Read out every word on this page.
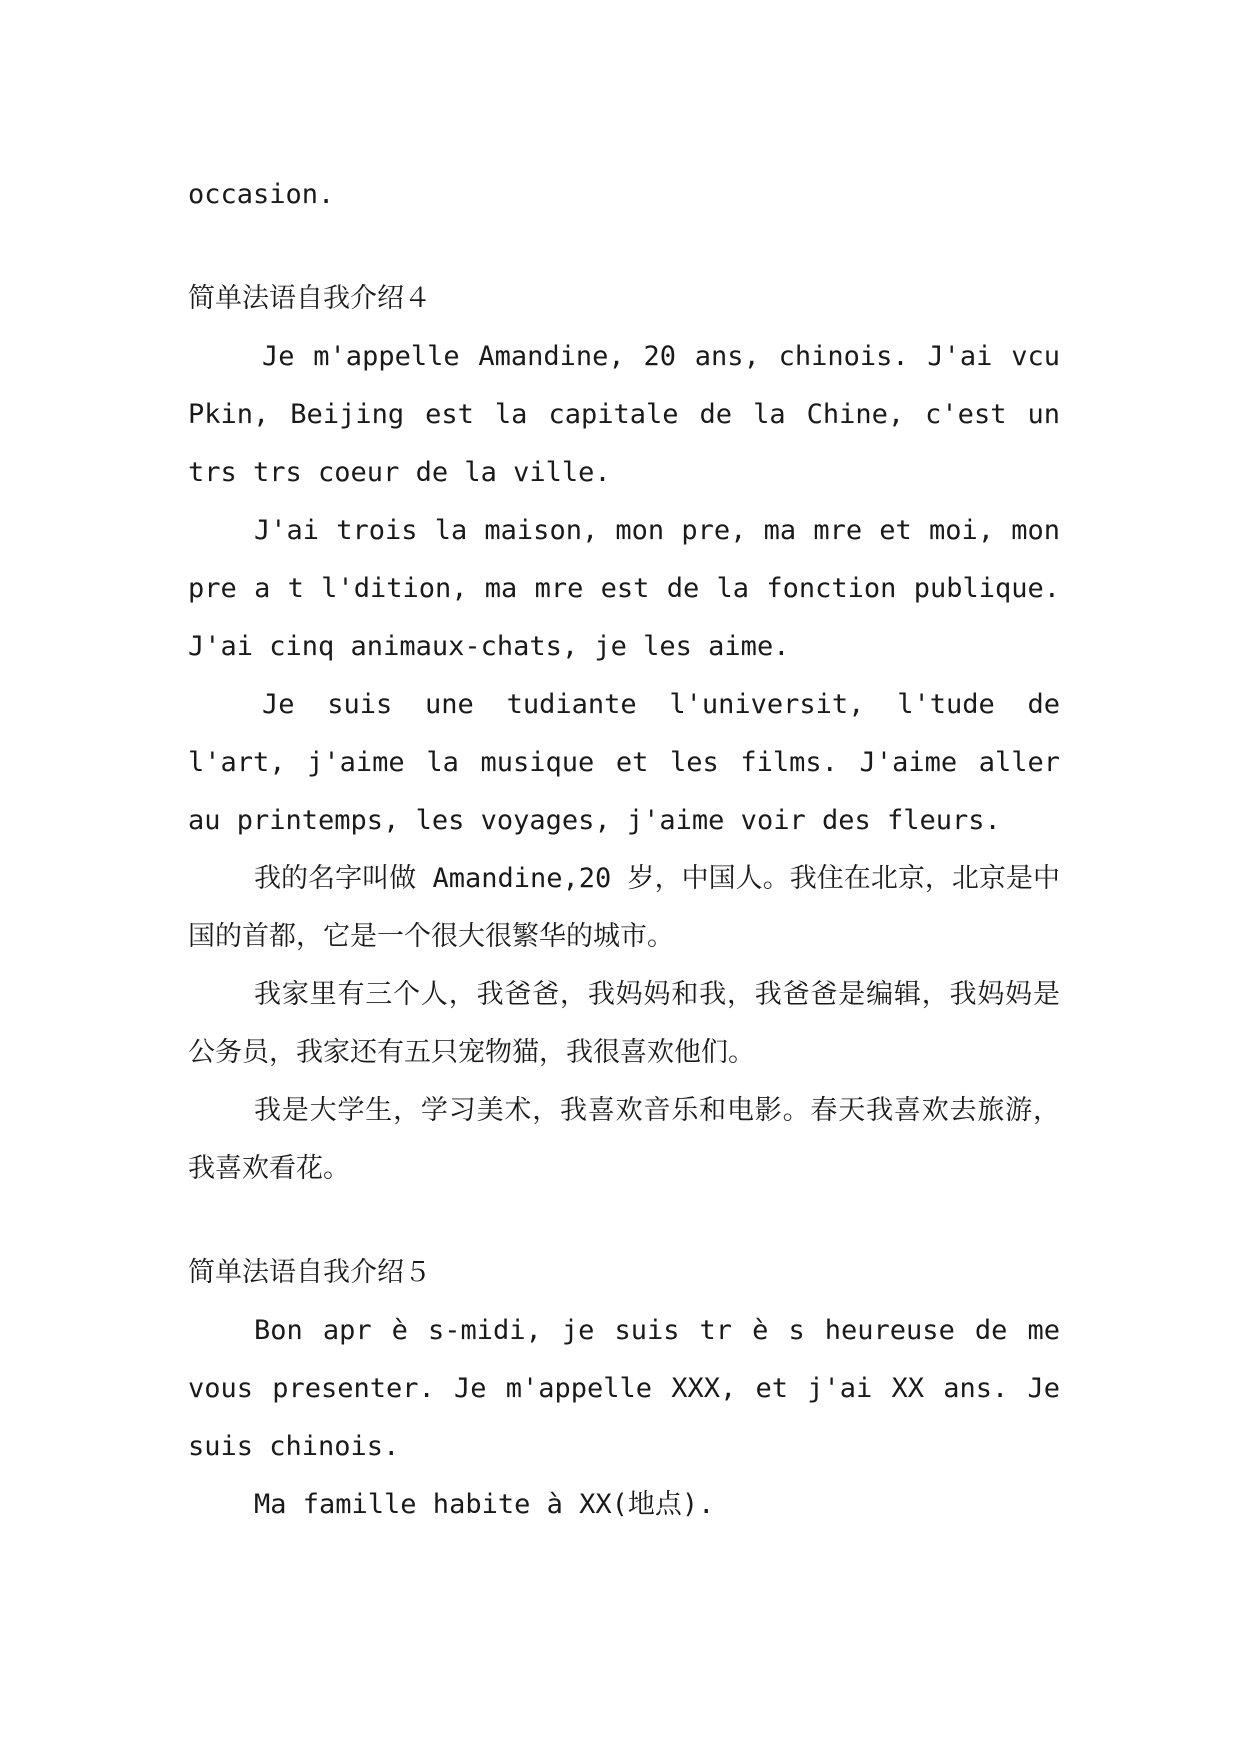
occasion.

简单法语自我介绍４

Je m'appelle Amandine, 20 ans, chinois. J'ai vcu Pkin, Beijing est la capitale de la Chine, c'est un trs trs coeur de la ville.

J'ai trois la maison, mon pre, ma mre et moi, mon pre a t l'dition, ma mre est de la fonction publique. J'ai cinq animaux-chats, je les aime.

Je suis une tudiante l'universit, l'tude de l'art, j'aime la musique et les films. J'aime aller au printemps, les voyages, j'aime voir des fleurs.

我的名字叫做 Amandine,20 岁，中国人。我住在北京，北京是中国的首都，它是一个很大很繁华的城市。

我家里有三个人，我爸爸，我妈妈和我，我爸爸是编辑，我妈妈是公务员，我家还有五只宠物猫，我很喜欢他们。

我是大学生，学习美术，我喜欢音乐和电影。春天我喜欢去旅游，我喜欢看花。

简单法语自我介绍５

Bon apr è s-midi, je suis tr è s heureuse de me vous presenter. Je m'appelle XXX, et j'ai XX ans. Je suis chinois.

Ma famille habite à XX(地点).
